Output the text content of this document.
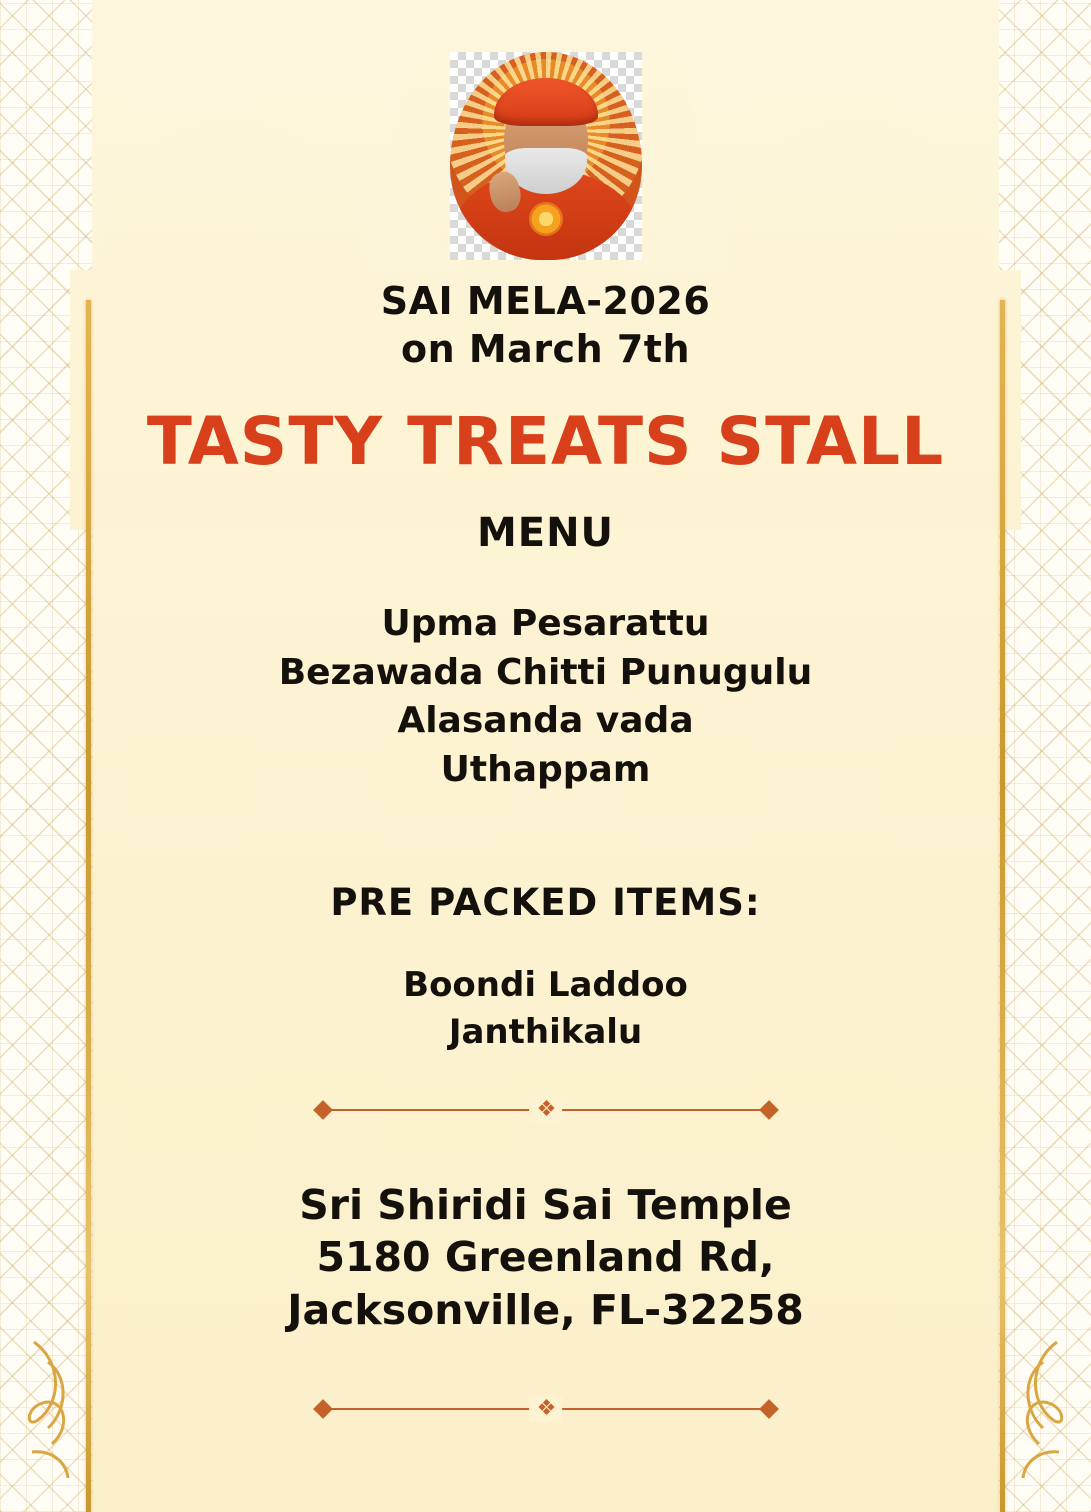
SAI MELA-2026
on March 7th
TASTY TREATS STALL
MENU
Upma Pesarattu
Bezawada Chitti Punugulu
Alasanda vada
Uthappam
PRE PACKED ITEMS:
Boondi Laddoo
Janthikalu
❖
Sri Shiridi Sai Temple
5180 Greenland Rd,
Jacksonville, FL-32258
❖
